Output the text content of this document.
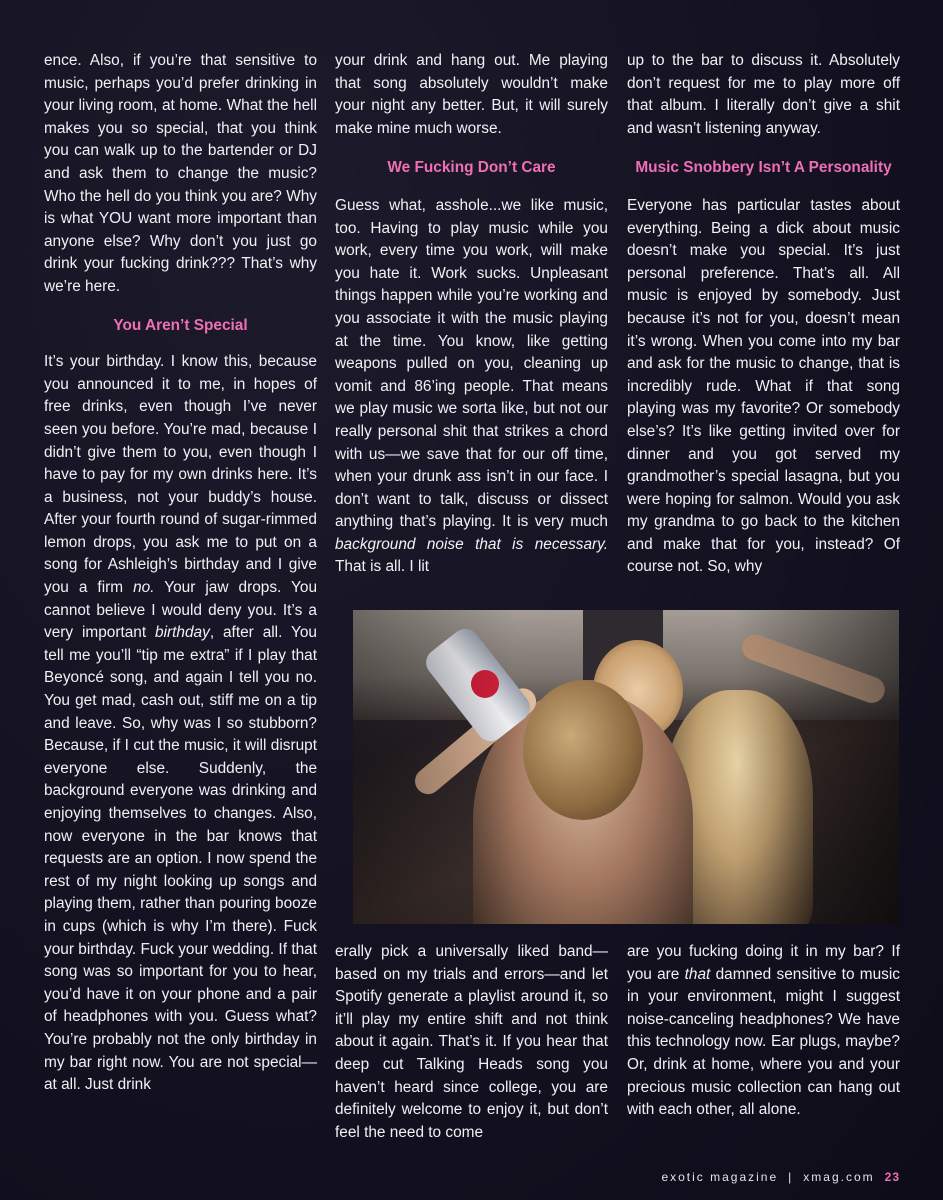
ence. Also, if you’re that sensitive to music, perhaps you’d prefer drinking in your living room, at home. What the hell makes you so special, that you think you can walk up to the bartender or DJ and ask them to change the music? Who the hell do you think you are? Why is what YOU want more important than anyone else? Why don’t you just go drink your fucking drink??? That’s why we’re here.

You Aren’t Special

It’s your birthday. I know this, because you announced it to me, in hopes of free drinks, even though I’ve never seen you before. You’re mad, because I didn’t give them to you, even though I have to pay for my own drinks here. It’s a business, not your buddy’s house. After your fourth round of sugar-rimmed lemon drops, you ask me to put on a song for Ashleigh’s birthday and I give you a firm no. Your jaw drops. You cannot believe I would deny you. It’s a very important birthday, after all. You tell me you’ll “tip me extra” if I play that Beyoncé song, and again I tell you no. You get mad, cash out, stiff me on a tip and leave. So, why was I so stubborn? Because, if I cut the music, it will disrupt everyone else. Suddenly, the background everyone was drinking and enjoying themselves to changes. Also, now everyone in the bar knows that requests are an option. I now spend the rest of my night looking up songs and playing them, rather than pouring booze in cups (which is why I’m there). Fuck your birthday. Fuck your wedding. If that song was so important for you to hear, you’d have it on your phone and a pair of headphones with you. Guess what? You’re probably not the only birthday in my bar right now. You are not special—at all. Just drink

your drink and hang out. Me playing that song absolutely wouldn’t make your night any better. But, it will surely make mine much worse.

We Fucking Don’t Care

Guess what, asshole...we like music, too. Having to play music while you work, every time you work, will make you hate it. Work sucks. Unpleasant things happen while you’re working and you associate it with the music playing at the time. You know, like getting weapons pulled on you, cleaning up vomit and 86’ing people. That means we play music we sorta like, but not our really personal shit that strikes a chord with us—we save that for our off time, when your drunk ass isn’t in our face. I don’t want to talk, discuss or dissect anything that’s playing. It is very much background noise that is necessary. That is all. I lit

up to the bar to discuss it. Absolutely don’t request for me to play more off that album. I literally don’t give a shit and wasn’t listening anyway.

Music Snobbery Isn’t A Personality

Everyone has particular tastes about everything. Being a dick about music doesn’t make you special. It’s just personal preference. That’s all. All music is enjoyed by somebody. Just because it’s not for you, doesn’t mean it’s wrong. When you come into my bar and ask for the music to change, that is incredibly rude. What if that song playing was my favorite? Or somebody else’s? It’s like getting invited over for dinner and you got served my grandmother’s special lasagna, but you were hoping for salmon. Would you ask my grandma to go back to the kitchen and make that for you, instead? Of course not. So, why

erally pick a universally liked band—based on my trials and errors—and let Spotify generate a playlist around it, so it’ll play my entire shift and not think about it again. That’s it. If you hear that deep cut Talking Heads song you haven’t heard since college, you are definitely welcome to enjoy it, but don’t feel the need to come

are you fucking doing it in my bar? If you are that damned sensitive to music in your environment, might I suggest noise-canceling headphones? We have this technology now. Ear plugs, maybe? Or, drink at home, where you and your precious music collection can hang out with each other, all alone.

exotic magazine | xmag.com 23
